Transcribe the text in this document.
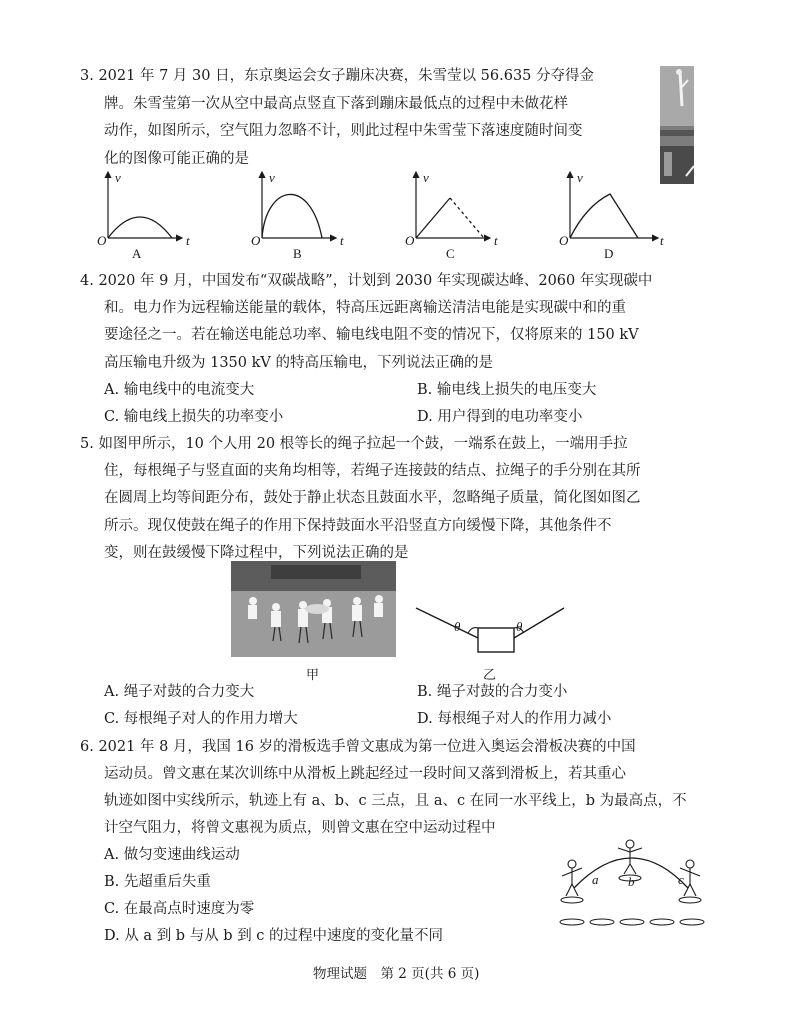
3. 2021 年 7 月 30 日，东京奥运会女子蹦床决赛，朱雪莹以 56.635 分夺得金
牌。朱雪莹第一次从空中最高点竖直下落到蹦床最低点的过程中未做花样
动作，如图所示，空气阻力忽略不计，则此过程中朱雪莹下落速度随时间变
化的图像可能正确的是
v
O	t
A
v
O	t
B
v
O	t
C
v
O	t
D
4. 2020 年 9 月，中国发布“双碳战略”，计划到 2030 年实现碳达峰、2060 年实现碳中
和。电力作为远程输送能量的载体，特高压远距离输送清洁电能是实现碳中和的重
要途径之一。若在输送电能总功率、输电线电阻不变的情况下，仅将原来的 150 kV
高压输电升级为 1350 kV 的特高压输电，下列说法正确的是
A. 输电线中的电流变大	B. 输电线上损失的电压变大
C. 输电线上损失的功率变小	D. 用户得到的电功率变小
5. 如图甲所示，10 个人用 20 根等长的绳子拉起一个鼓，一端系在鼓上，一端用手拉
住，每根绳子与竖直面的夹角均相等，若绳子连接鼓的结点、拉绳子的手分别在其所
在圆周上均等间距分布，鼓处于静止状态且鼓面水平，忽略绳子质量，简化图如图乙
所示。现仅使鼓在绳子的作用下保持鼓面水平沿竖直方向缓慢下降，其他条件不
变，则在鼓缓慢下降过程中，下列说法正确的是
甲
θ	θ
乙
A. 绳子对鼓的合力变大	B. 绳子对鼓的合力变小
C. 每根绳子对人的作用力增大	D. 每根绳子对人的作用力减小
6. 2021 年 8 月，我国 16 岁的滑板选手曾文惠成为第一位进入奥运会滑板决赛的中国
运动员。曾文惠在某次训练中从滑板上跳起经过一段时间又落到滑板上，若其重心
轨迹如图中实线所示，轨迹上有 a、b、c 三点，且 a、c 在同一水平线上，b 为最高点，不
计空气阻力，将曾文惠视为质点，则曾文惠在空中运动过程中
A. 做匀变速曲线运动
B. 先超重后失重
C. 在最高点时速度为零
D. 从 a 到 b 与从 b 到 c 的过程中速度的变化量不同
a b	c
物理试题　第 2 页(共 6 页)
